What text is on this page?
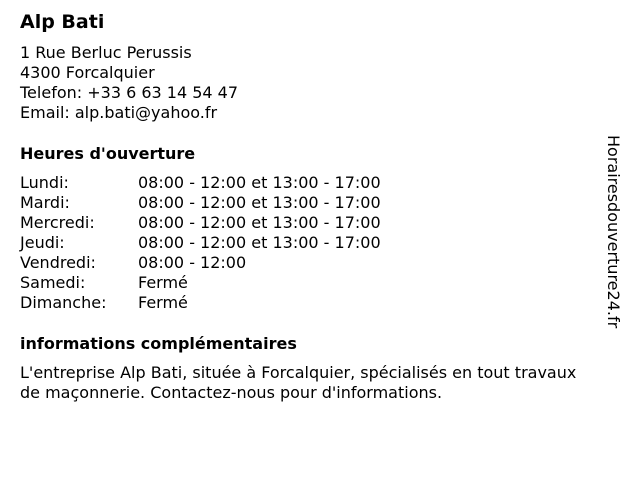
Alp Bati
1 Rue Berluc Perussis
4300 Forcalquier
Telefon: +33 6 63 14 54 47
Email: alp.bati@yahoo.fr
Heures d'ouverture
Lundi:	08:00 - 12:00 et 13:00 - 17:00
Mardi:	08:00 - 12:00 et 13:00 - 17:00
Mercredi:	08:00 - 12:00 et 13:00 - 17:00
Jeudi:	08:00 - 12:00 et 13:00 - 17:00
Vendredi:	08:00 - 12:00
Samedi:	Fermé
Dimanche:	Fermé
informations complémentaires

L'entreprise Alp Bati, située à Forcalquier, spécialisés en tout travaux de maçonnerie. Contactez-nous pour d'informations.

Horairesdouverture24.fr
